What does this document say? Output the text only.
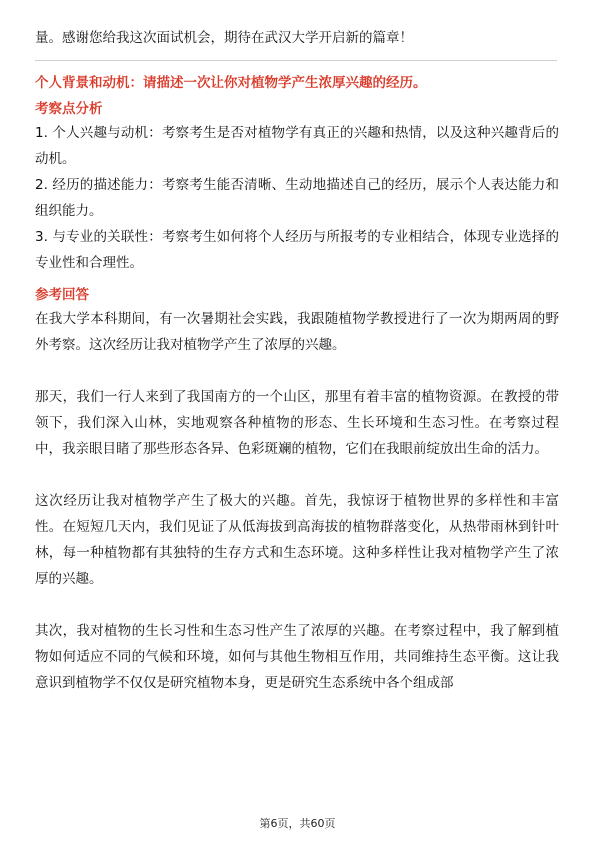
量。感谢您给我这次面试机会，期待在武汉大学开启新的篇章！

个人背景和动机：请描述一次让你对植物学产生浓厚兴趣的经历。

考察点分析

1. 个人兴趣与动机：考察考生是否对植物学有真正的兴趣和热情，以及这种兴趣背后的动机。

2. 经历的描述能力：考察考生能否清晰、生动地描述自己的经历，展示个人表达能力和组织能力。

3. 与专业的关联性：考察考生如何将个人经历与所报考的专业相结合，体现专业选择的专业性和合理性。

参考回答

在我大学本科期间，有一次暑期社会实践，我跟随植物学教授进行了一次为期两周的野外考察。这次经历让我对植物学产生了浓厚的兴趣。

那天，我们一行人来到了我国南方的一个山区，那里有着丰富的植物资源。在教授的带领下，我们深入山林，实地观察各种植物的形态、生长环境和生态习性。在考察过程中，我亲眼目睹了那些形态各异、色彩斑斓的植物，它们在我眼前绽放出生命的活力。

这次经历让我对植物学产生了极大的兴趣。首先，我惊讶于植物世界的多样性和丰富性。在短短几天内，我们见证了从低海拔到高海拔的植物群落变化，从热带雨林到针叶林，每一种植物都有其独特的生存方式和生态环境。这种多样性让我对植物学产生了浓厚的兴趣。

其次，我对植物的生长习性和生态习性产生了浓厚的兴趣。在考察过程中，我了解到植物如何适应不同的气候和环境，如何与其他生物相互作用，共同维持生态平衡。这让我意识到植物学不仅仅是研究植物本身，更是研究生态系统中各个组成部

第6页，共60页
